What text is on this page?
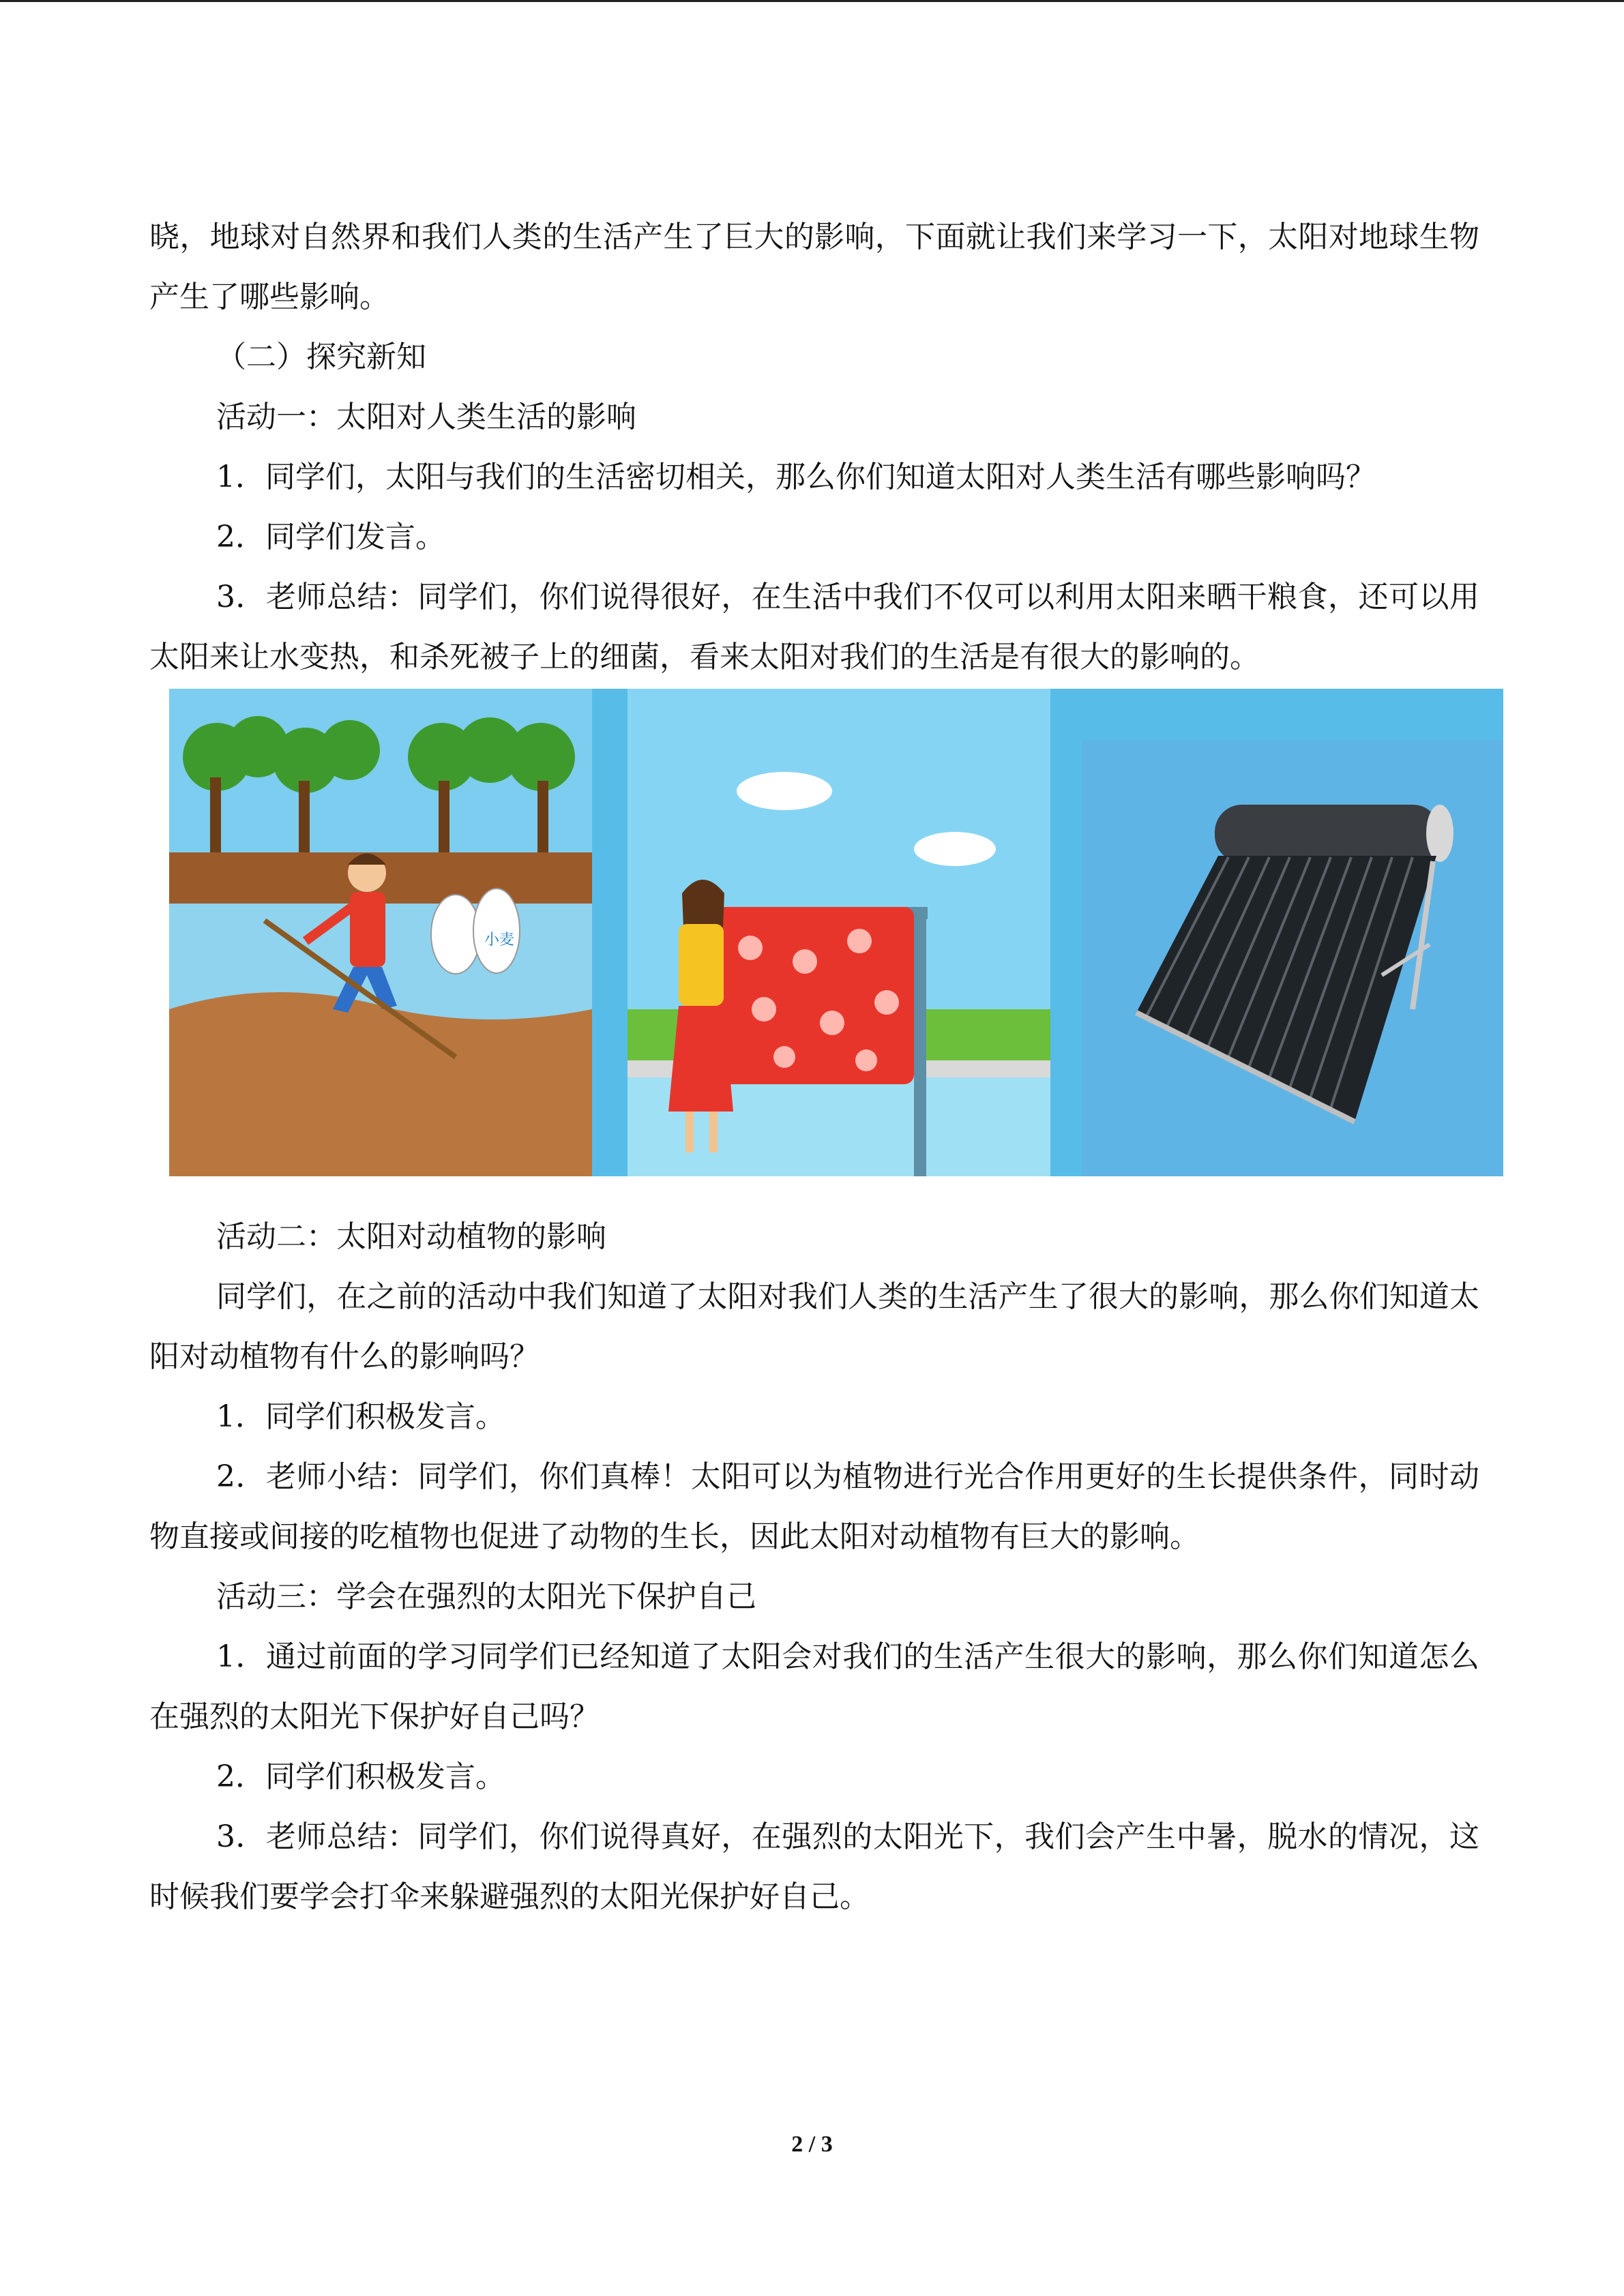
晓，地球对自然界和我们人类的生活产生了巨大的影响，下面就让我们来学习一下，太阳对地球生物产生了哪些影响。

（二）探究新知

活动一：太阳对人类生活的影响

1．同学们，太阳与我们的生活密切相关，那么你们知道太阳对人类生活有哪些影响吗？

2．同学们发言。

3．老师总结：同学们，你们说得很好，在生活中我们不仅可以利用太阳来晒干粮食，还可以用太阳来让水变热，和杀死被子上的细菌，看来太阳对我们的生活是有很大的影响的。

小麦

活动二：太阳对动植物的影响

同学们，在之前的活动中我们知道了太阳对我们人类的生活产生了很大的影响，那么你们知道太阳对动植物有什么的影响吗？

1．同学们积极发言。

2．老师小结：同学们，你们真棒！太阳可以为植物进行光合作用更好的生长提供条件，同时动物直接或间接的吃植物也促进了动物的生长，因此太阳对动植物有巨大的影响。

活动三：学会在强烈的太阳光下保护自己

1．通过前面的学习同学们已经知道了太阳会对我们的生活产生很大的影响，那么你们知道怎么在强烈的太阳光下保护好自己吗？

2．同学们积极发言。

3．老师总结：同学们，你们说得真好，在强烈的太阳光下，我们会产生中暑，脱水的情况，这时候我们要学会打伞来躲避强烈的太阳光保护好自己。

2 / 3
